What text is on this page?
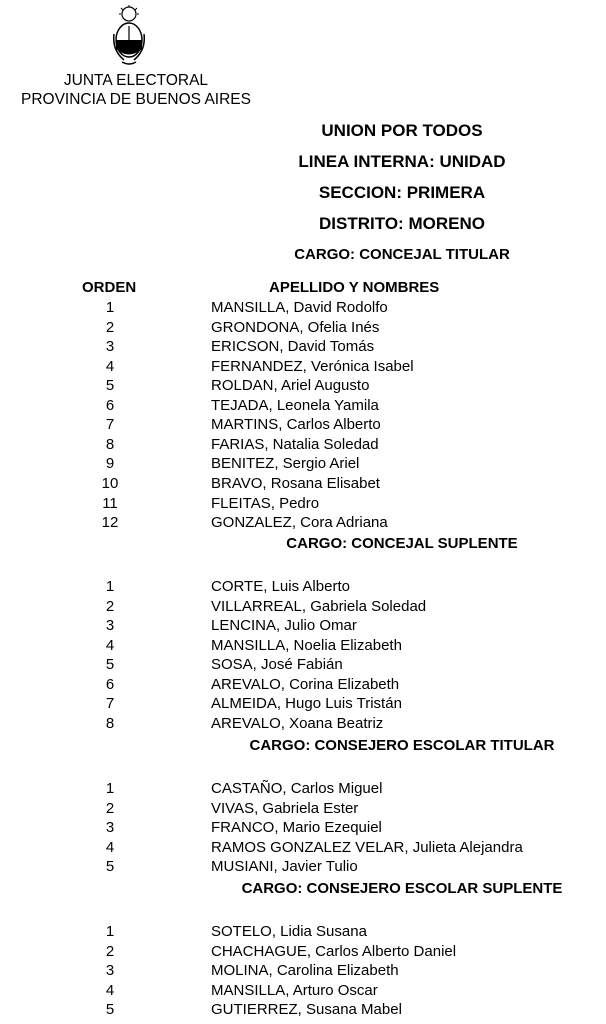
JUNTA ELECTORAL
PROVINCIA DE BUENOS AIRES
UNION POR TODOS
LINEA INTERNA: UNIDAD
SECCION: PRIMERA
DISTRITO: MORENO
CARGO: CONCEJAL TITULAR
ORDEN	APELLIDO Y NOMBRES
1	MANSILLA, David Rodolfo
2	GRONDONA, Ofelia Inés
3	ERICSON, David Tomás
4	FERNANDEZ, Verónica Isabel
5	ROLDAN, Ariel Augusto
6	TEJADA, Leonela Yamila
7	MARTINS, Carlos Alberto
8	FARIAS, Natalia Soledad
9	BENITEZ, Sergio Ariel
10	BRAVO, Rosana Elisabet
11	FLEITAS, Pedro
12	GONZALEZ, Cora Adriana
CARGO: CONCEJAL SUPLENTE
1	CORTE, Luis Alberto
2	VILLARREAL, Gabriela Soledad
3	LENCINA, Julio Omar
4	MANSILLA, Noelia Elizabeth
5	SOSA, José Fabián
6	AREVALO, Corina Elizabeth
7	ALMEIDA, Hugo Luis Tristán
8	AREVALO, Xoana Beatriz
CARGO: CONSEJERO ESCOLAR TITULAR
1	CASTAÑO, Carlos Miguel
2	VIVAS, Gabriela Ester
3	FRANCO, Mario Ezequiel
4	RAMOS GONZALEZ VELAR, Julieta Alejandra
5	MUSIANI, Javier Tulio
CARGO: CONSEJERO ESCOLAR SUPLENTE
1	SOTELO, Lidia Susana
2	CHACHAGUE, Carlos Alberto Daniel
3	MOLINA, Carolina Elizabeth
4	MANSILLA, Arturo Oscar
5	GUTIERREZ, Susana Mabel
